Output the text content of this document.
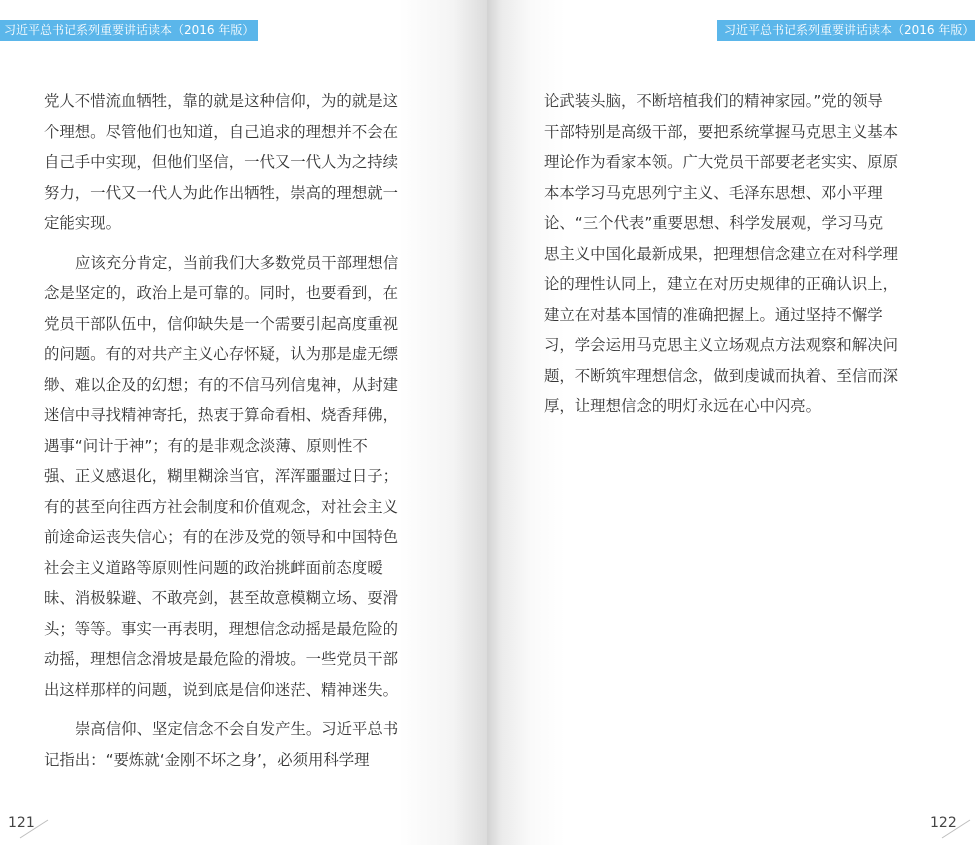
习近平总书记系列重要讲话读本（2016 年版）

党人不惜流血牺牲，靠的就是这种信仰，为的就是这
个理想。尽管他们也知道，自己追求的理想并不会在
自己手中实现，但他们坚信，一代又一代人为之持续
努力，一代又一代人为此作出牺牲，崇高的理想就一
定能实现。

应该充分肯定，当前我们大多数党员干部理想信
念是坚定的，政治上是可靠的。同时，也要看到，在
党员干部队伍中，信仰缺失是一个需要引起高度重视
的问题。有的对共产主义心存怀疑，认为那是虚无缥
缈、难以企及的幻想；有的不信马列信鬼神，从封建
迷信中寻找精神寄托，热衷于算命看相、烧香拜佛，
遇事“问计于神”；有的是非观念淡薄、原则性不
强、正义感退化，糊里糊涂当官，浑浑噩噩过日子；
有的甚至向往西方社会制度和价值观念，对社会主义
前途命运丧失信心；有的在涉及党的领导和中国特色
社会主义道路等原则性问题的政治挑衅面前态度暧
昧、消极躲避、不敢亮剑，甚至故意模糊立场、耍滑
头；等等。事实一再表明，理想信念动摇是最危险的
动摇，理想信念滑坡是最危险的滑坡。一些党员干部
出这样那样的问题，说到底是信仰迷茫、精神迷失。

崇高信仰、坚定信念不会自发产生。习近平总书
记指出：“要炼就‘金刚不坏之身’，必须用科学理

121
习近平总书记系列重要讲话读本（2016 年版）

论武装头脑，不断培植我们的精神家园。”党的领导
干部特别是高级干部，要把系统掌握马克思主义基本
理论作为看家本领。广大党员干部要老老实实、原原
本本学习马克思列宁主义、毛泽东思想、邓小平理
论、“三个代表”重要思想、科学发展观，学习马克
思主义中国化最新成果，把理想信念建立在对科学理
论的理性认同上，建立在对历史规律的正确认识上，
建立在对基本国情的准确把握上。通过坚持不懈学
习，学会运用马克思主义立场观点方法观察和解决问
题，不断筑牢理想信念，做到虔诚而执着、至信而深
厚，让理想信念的明灯永远在心中闪亮。

122
